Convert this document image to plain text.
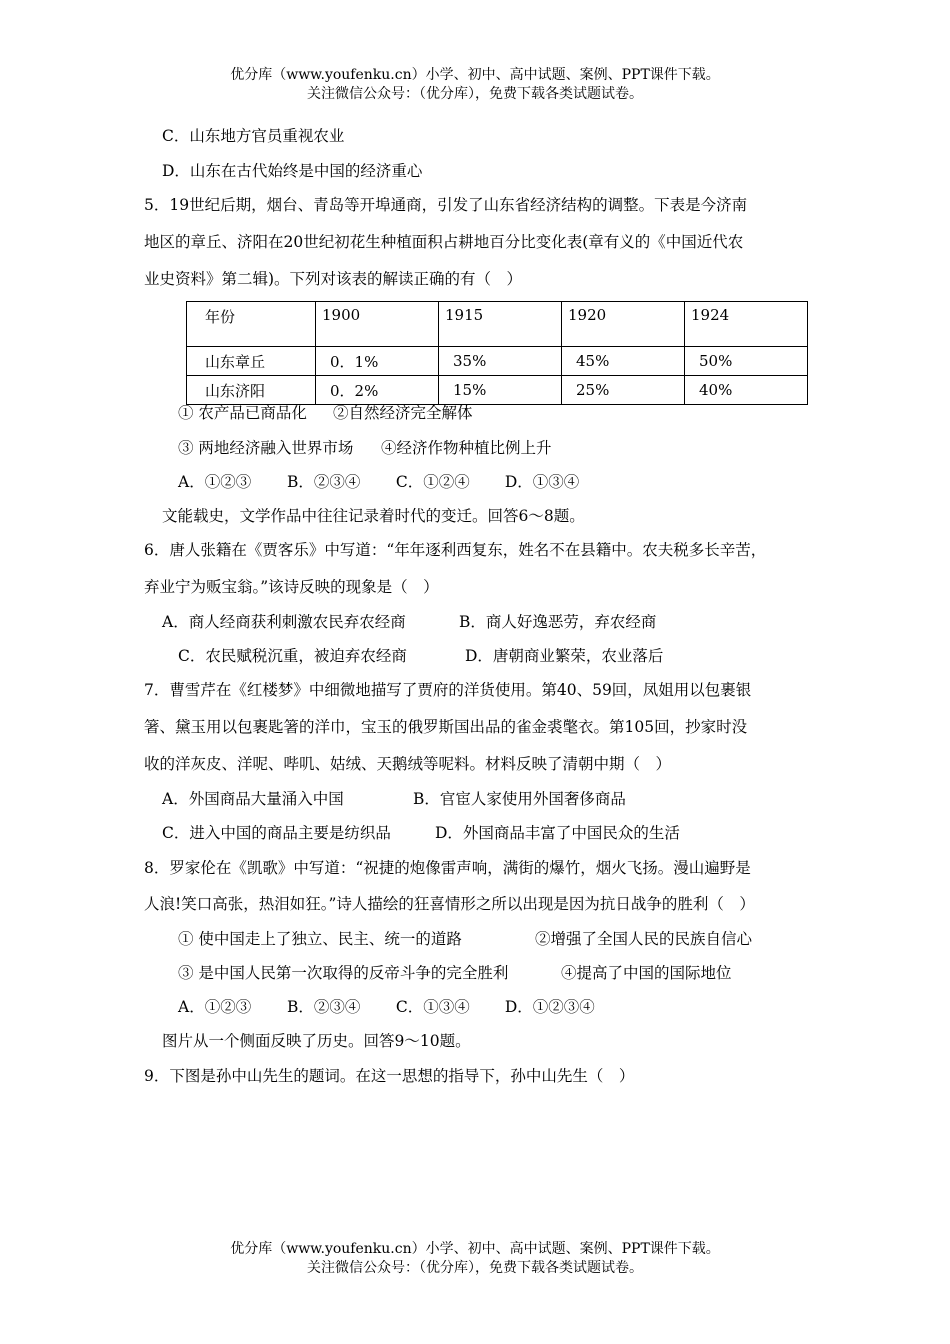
优分库（www.youfenku.cn）小学、初中、高中试题、案例、PPT课件下载。
关注微信公众号：（优分库），免费下载各类试题试卷。
C．山东地方官员重视农业
D．山东在古代始终是中国的经济重心
5．19世纪后期，烟台、青岛等开埠通商，引发了山东省经济结构的调整。下表是今济南
地区的章丘、济阳在20世纪初花生种植面积占耕地百分比变化表(章有义的《中国近代农
业史资料》第二辑)。下列对该表的解读正确的有（　）
年份	1900	1915	1920	1924
山东章丘	0．1%	35%	45%	50%
山东济阳	0．2%	15%	25%	40%
① 农产品已商品化 ②自然经济完全解体
③ 两地经济融入世界市场 ④经济作物种植比例上升
A．①②③ B．②③④ C．①②④ D．①③④
文能载史，文学作品中往往记录着时代的变迁。回答6～8题。
6．唐人张籍在《贾客乐》中写道：“年年逐利西复东，姓名不在县籍中。农夫税多长辛苦，
弃业宁为贩宝翁。”该诗反映的现象是（　）
A．商人经商获利刺激农民弃农经商	B．商人好逸恶劳，弃农经商
C．农民赋税沉重，被迫弃农经商	D．唐朝商业繁荣，农业落后
7．曹雪芹在《红楼梦》中细微地描写了贾府的洋货使用。第40、59回，凤姐用以包裹银
箸、黛玉用以包裹匙箸的洋巾，宝玉的俄罗斯国出品的雀金裘氅衣。第105回，抄家时没
收的洋灰皮、洋呢、哔叽、姑绒、天鹅绒等呢料。材料反映了清朝中期（　）
A．外国商品大量涌入中国	B．官宦人家使用外国奢侈商品
C．进入中国的商品主要是纺织品	D．外国商品丰富了中国民众的生活
8．罗家伦在《凯歌》中写道：“祝捷的炮像雷声响，满街的爆竹，烟火飞扬。漫山遍野是
人浪!笑口高张，热泪如狂。”诗人描绘的狂喜情形之所以出现是因为抗日战争的胜利（　）
① 使中国走上了独立、民主、统一的道路	②增强了全国人民的民族自信心
③ 是中国人民第一次取得的反帝斗争的完全胜利	④提高了中国的国际地位
A．①②③ B．②③④ C．①③④ D．①②③④
图片从一个侧面反映了历史。回答9～10题。
9．下图是孙中山先生的题词。在这一思想的指导下，孙中山先生（　）
优分库（www.youfenku.cn）小学、初中、高中试题、案例、PPT课件下载。
关注微信公众号：（优分库），免费下载各类试题试卷。
